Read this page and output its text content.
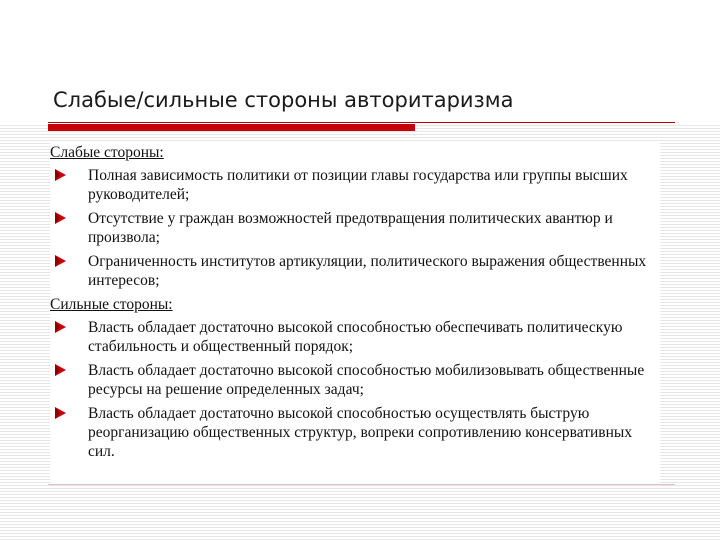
Слабые/сильные стороны авторитаризма
Слабые стороны:
Полная зависимость политики от позиции главы государства или группы высших руководителей;
Отсутствие у граждан возможностей предотвращения политических авантюр и произвола;
Ограниченность институтов артикуляции, политического выражения общественных интересов;
Сильные стороны:
Власть обладает достаточно высокой способностью обеспечивать политическую стабильность и общественный порядок;
Власть обладает достаточно высокой способностью мобилизовывать общественные ресурсы на решение определенных задач;
Власть обладает достаточно высокой способностью осуществлять быструю реорганизацию общественных структур, вопреки сопротивлению консервативных сил.
